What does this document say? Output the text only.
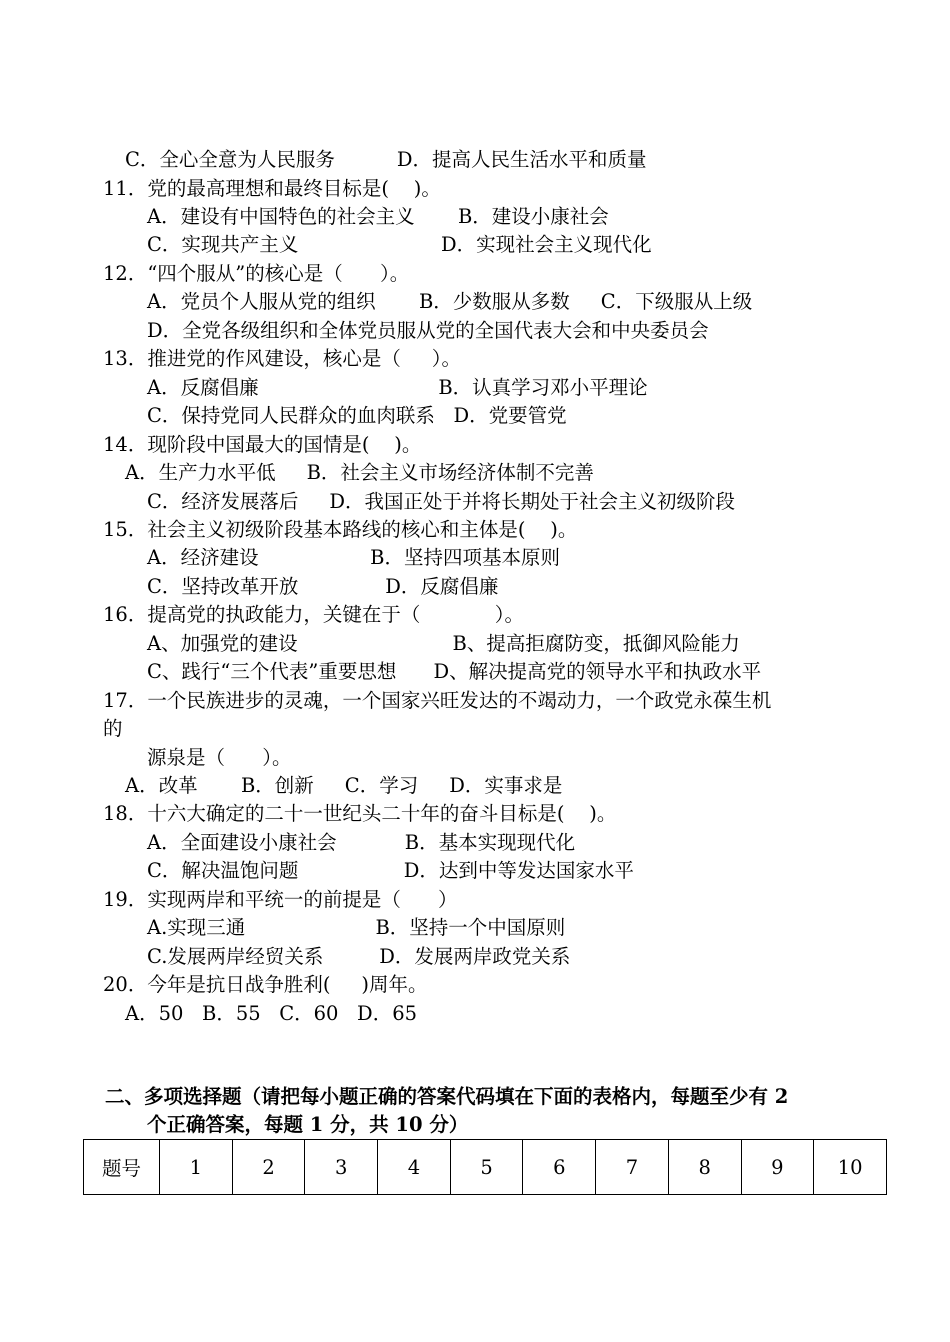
C．全心全意为人民服务          D．提高人民生活水平和质量
11．党的最高理想和最终目标是(    )。
A．建设有中国特色的社会主义       B．建设小康社会
C．实现共产主义                       D．实现社会主义现代化
12．“四个服从”的核心是（      ）。
A．党员个人服从党的组织       B．少数服从多数     C．下级服从上级
D．全党各级组织和全体党员服从党的全国代表大会和中央委员会
13．推进党的作风建设，核心是（     ）。
A．反腐倡廉                             B．认真学习邓小平理论
C．保持党同人民群众的血肉联系   D．党要管党
14．现阶段中国最大的国情是(    )。
A．生产力水平低     B．社会主义市场经济体制不完善
C．经济发展落后     D．我国正处于并将长期处于社会主义初级阶段
15．社会主义初级阶段基本路线的核心和主体是(    )。
A．经济建设                  B．坚持四项基本原则
C．坚持改革开放              D．反腐倡廉
16．提高党的执政能力，关键在于（            ）。
A、加强党的建设                         B、提高拒腐防变，抵御风险能力
C、践行“三个代表”重要思想      D、解决提高党的领导水平和执政水平
17．一个民族进步的灵魂，一个国家兴旺发达的不竭动力，一个政党永葆生机
的
源泉是（      ）。
A．改革       B．创新     C．学习     D．实事求是
18．十六大确定的二十一世纪头二十年的奋斗目标是(    )。
A．全面建设小康社会           B．基本实现现代化
C．解决温饱问题                 D．达到中等发达国家水平
19．实现两岸和平统一的前提是（      ）
A.实现三通                     B．坚持一个中国原则
C.发展两岸经贸关系         D．发展两岸政党关系
20．今年是抗日战争胜利(     )周年。
A．50   B．55   C．60   D．65
二、多项选择题（请把每小题正确的答案代码填在下面的表格内，每题至少有 2
个正确答案，每题 1 分，共 10 分）
题号	1	2	3	4	5	6	7	8	9	10
